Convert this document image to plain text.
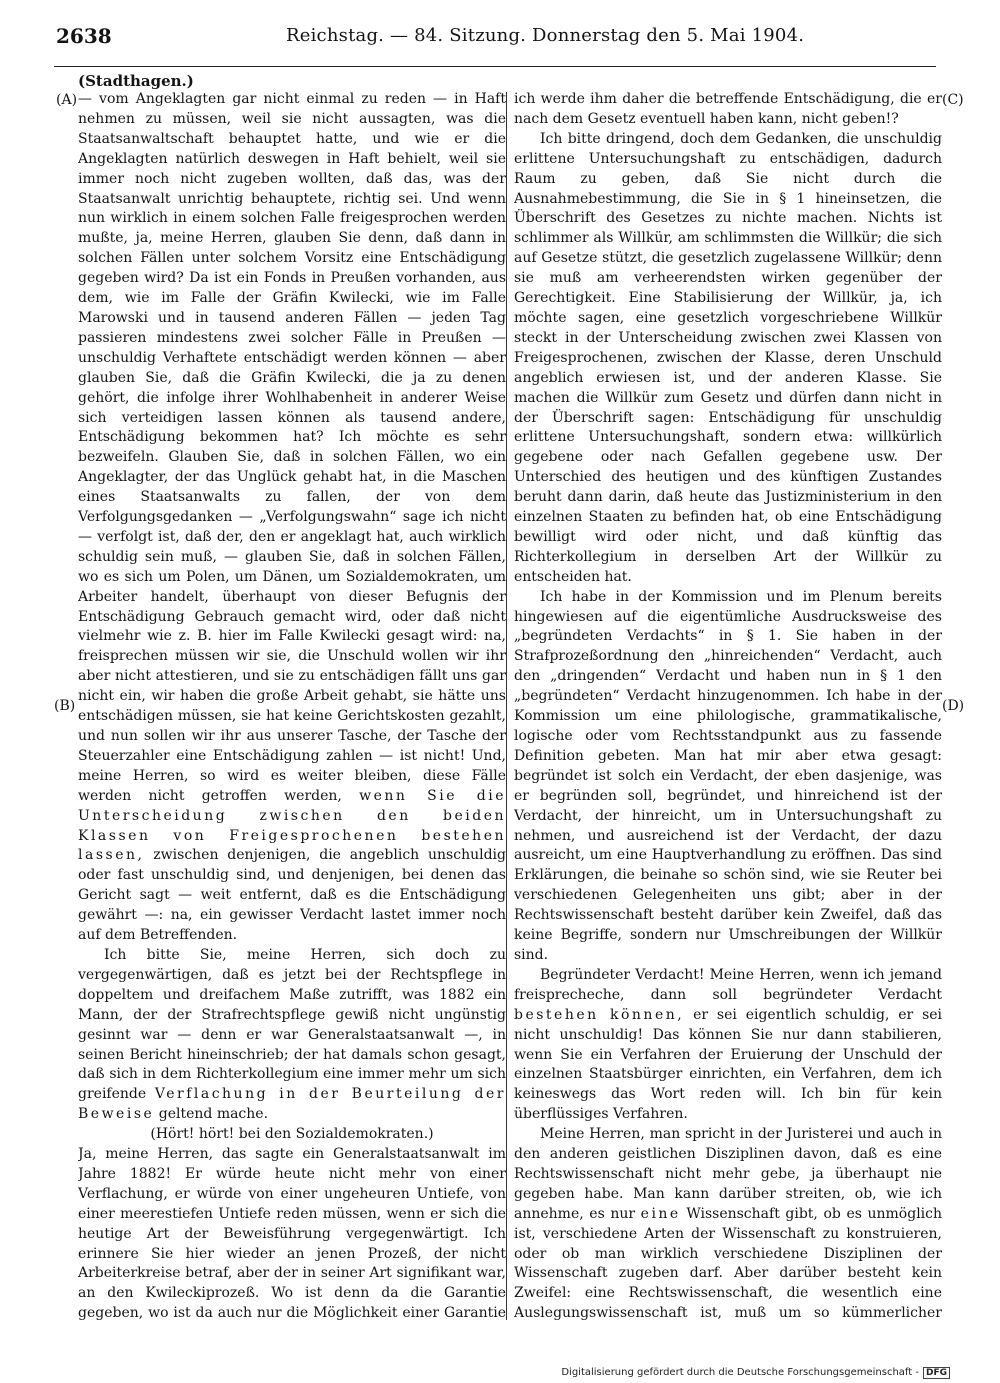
2638	Reichstag. — 84. Sitzung. Donnerstag den 5. Mai 1904.
(Stadthagen.)
(A)
(B)
(C)
(D)

— vom Angeklagten gar nicht einmal zu reden — in Haft nehmen zu müssen, weil sie nicht aussagten, was die Staatsanwaltschaft behauptet hatte, und wie er die Angeklagten natürlich deswegen in Haft behielt, weil sie immer noch nicht zugeben wollten, daß das, was der Staatsanwalt unrichtig behauptete, richtig sei. Und wenn nun wirklich in einem solchen Falle freigesprochen werden mußte, ja, meine Herren, glauben Sie denn, daß dann in solchen Fällen unter solchem Vorsitz eine Entschädigung gegeben wird? Da ist ein Fonds in Preußen vorhanden, aus dem, wie im Falle der Gräfin Kwilecki, wie im Falle Marowski und in tausend anderen Fällen — jeden Tag passieren mindestens zwei solcher Fälle in Preußen — unschuldig Verhaftete entschädigt werden können — aber glauben Sie, daß die Gräfin Kwilecki, die ja zu denen gehört, die infolge ihrer Wohlhabenheit in anderer Weise sich verteidigen lassen können als tausend andere, Entschädigung bekommen hat? Ich möchte es sehr bezweifeln. Glauben Sie, daß in solchen Fällen, wo ein Angeklagter, der das Unglück gehabt hat, in die Maschen eines Staatsanwalts zu fallen, der von dem Verfolgungsgedanken — „Verfolgungswahn“ sage ich nicht — verfolgt ist, daß der, den er angeklagt hat, auch wirklich schuldig sein muß, — glauben Sie, daß in solchen Fällen, wo es sich um Polen, um Dänen, um Sozialdemokraten, um Arbeiter handelt, überhaupt von dieser Befugnis der Entschädigung Gebrauch gemacht wird, oder daß nicht vielmehr wie z. B. hier im Falle Kwilecki gesagt wird: na, freisprechen müssen wir sie, die Unschuld wollen wir ihr aber nicht attestieren, und sie zu entschädigen fällt uns gar nicht ein, wir haben die große Arbeit gehabt, sie hätte uns entschädigen müssen, sie hat keine Gerichtskosten gezahlt, und nun sollen wir ihr aus unserer Tasche, der Tasche der Steuerzahler eine Entschädigung zahlen — ist nicht! Und, meine Herren, so wird es weiter bleiben, diese Fälle werden nicht getroffen werden, wenn Sie die Unterscheidung zwischen den beiden Klassen von Freigesprochenen bestehen lassen, zwischen denjenigen, die angeblich unschuldig oder fast unschuldig sind, und denjenigen, bei denen das Gericht sagt — weit entfernt, daß es die Entschädigung gewährt —: na, ein gewisser Verdacht lastet immer noch auf dem Betreffenden.

Ich bitte Sie, meine Herren, sich doch zu vergegenwärtigen, daß es jetzt bei der Rechtspflege in doppeltem und dreifachem Maße zutrifft, was 1882 ein Mann, der der Strafrechtspflege gewiß nicht ungünstig gesinnt war — denn er war Generalstaatsanwalt —, in seinen Bericht hineinschrieb; der hat damals schon gesagt, daß sich in dem Richterkollegium eine immer mehr um sich greifende Verflachung in der Beurteilung der Beweise geltend mache.

(Hört! hört! bei den Sozialdemokraten.)

Ja, meine Herren, das sagte ein Generalstaatsanwalt im Jahre 1882! Er würde heute nicht mehr von einer Verflachung, er würde von einer ungeheuren Untiefe, von einer meerestiefen Untiefe reden müssen, wenn er sich die heutige Art der Beweisführung vergegenwärtigt. Ich erinnere Sie hier wieder an jenen Prozeß, der nicht Arbeiterkreise betraf, aber der in seiner Art signifikant war, an den Kwileckiprozeß. Wo ist denn da die Garantie gegeben, wo ist da auch nur die Möglichkeit einer Garantie

ich werde ihm daher die betreffende Entschädigung, die er nach dem Gesetz eventuell haben kann, nicht geben!?

Ich bitte dringend, doch dem Gedanken, die unschuldig erlittene Untersuchungshaft zu entschädigen, dadurch Raum zu geben, daß Sie nicht durch die Ausnahmebestimmung, die Sie in § 1 hineinsetzen, die Überschrift des Gesetzes zu nichte machen. Nichts ist schlimmer als Willkür, am schlimmsten die Willkür; die sich auf Gesetze stützt, die gesetzlich zugelassene Willkür; denn sie muß am verheerendsten wirken gegenüber der Gerechtigkeit. Eine Stabilisierung der Willkür, ja, ich möchte sagen, eine gesetzlich vorgeschriebene Willkür steckt in der Unterscheidung zwischen zwei Klassen von Freigesprochenen, zwischen der Klasse, deren Unschuld angeblich erwiesen ist, und der anderen Klasse. Sie machen die Willkür zum Gesetz und dürfen dann nicht in der Überschrift sagen: Entschädigung für unschuldig erlittene Untersuchungshaft, sondern etwa: willkürlich gegebene oder nach Gefallen gegebene usw. Der Unterschied des heutigen und des künftigen Zustandes beruht dann darin, daß heute das Justizministerium in den einzelnen Staaten zu befinden hat, ob eine Entschädigung bewilligt wird oder nicht, und daß künftig das Richterkollegium in derselben Art der Willkür zu entscheiden hat.

Ich habe in der Kommission und im Plenum bereits hingewiesen auf die eigentümliche Ausdrucksweise des „begründeten Verdachts“ in § 1. Sie haben in der Strafprozeßordnung den „hinreichenden“ Verdacht, auch den „dringenden“ Verdacht und haben nun in § 1 den „begründeten“ Verdacht hinzugenommen. Ich habe in der Kommission um eine philologische, grammatikalische, logische oder vom Rechtsstandpunkt aus zu fassende Definition gebeten. Man hat mir aber etwa gesagt: begründet ist solch ein Verdacht, der eben dasjenige, was er begründen soll, begründet, und hinreichend ist der Verdacht, der hinreicht, um in Untersuchungshaft zu nehmen, und ausreichend ist der Verdacht, der dazu ausreicht, um eine Hauptverhandlung zu eröffnen. Das sind Erklärungen, die beinahe so schön sind, wie sie Reuter bei verschiedenen Gelegenheiten uns gibt; aber in der Rechtswissenschaft besteht darüber kein Zweifel, daß das keine Begriffe, sondern nur Umschreibungen der Willkür sind.

Begründeter Verdacht! Meine Herren, wenn ich jemand freisprecheche, dann soll begründeter Verdacht bestehen können, er sei eigentlich schuldig, er sei nicht unschuldig! Das können Sie nur dann stabilieren, wenn Sie ein Verfahren der Eruierung der Unschuld der einzelnen Staatsbürger einrichten, ein Verfahren, dem ich keineswegs das Wort reden will. Ich bin für kein überflüssiges Verfahren.

Meine Herren, man spricht in der Juristerei und auch in den anderen geistlichen Disziplinen davon, daß es eine Rechtswissenschaft nicht mehr gebe, ja überhaupt nie gegeben habe. Man kann darüber streiten, ob, wie ich annehme, es nur eine Wissenschaft gibt, ob es unmöglich ist, verschiedene Arten der Wissenschaft zu konstruieren, oder ob man wirklich verschiedene Disziplinen der Wissenschaft zugeben darf. Aber darüber besteht kein Zweifel: eine Rechtswissenschaft, die wesentlich eine Auslegungswissenschaft ist, muß um so kümmerlicher

Digitalisierung gefördert durch die Deutsche Forschungsgemeinschaft - DFG
